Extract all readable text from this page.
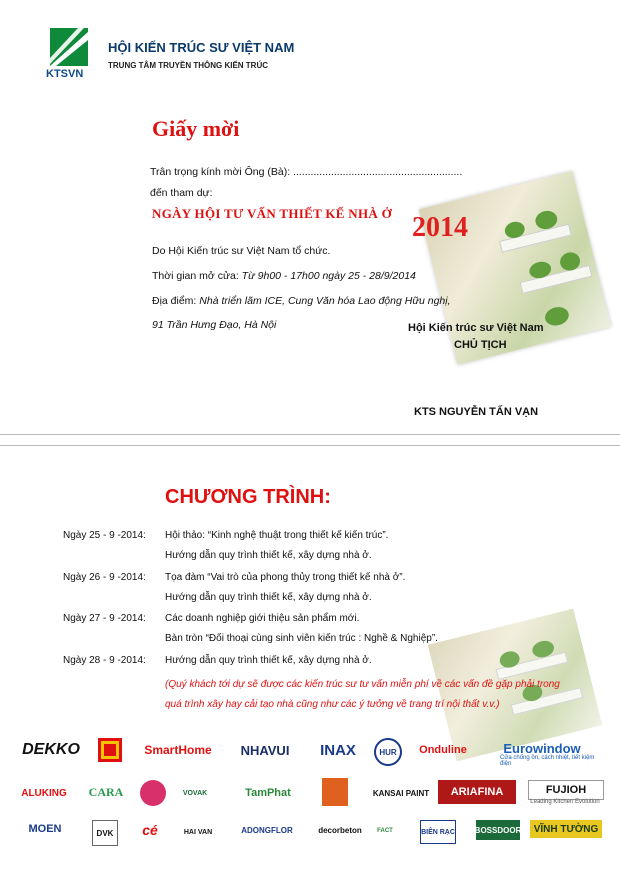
KTSVN
HỘI KIẾN TRÚC SƯ VIỆT NAM
TRUNG TÂM TRUYỀN THÔNG KIẾN TRÚC
Giấy mời
Trân trọng kính mời Ông (Bà): ..........................................................
đến tham dự:
NGÀY HỘI TƯ VẤN THIẾT KẾ NHÀ Ở 2014
Do Hội Kiến trúc sư Việt Nam tổ chức.
Thời gian mở cửa: Từ 9h00 - 17h00 ngày 25 - 28/9/2014
Địa điểm: Nhà triển lãm ICE, Cung Văn hóa Lao động Hữu nghị,
91 Trần Hưng Đạo, Hà Nội	Hội Kiến trúc sư Việt Nam
CHỦ TỊCH
KTS NGUYỄN TẤN VẠN
CHƯƠNG TRÌNH:
Ngày 25 - 9 -2014: Hội thảo: “Kinh nghệ thuật trong thiết kế kiến trúc”.
Hướng dẫn quy trình thiết kế, xây dựng nhà ở.
Ngày 26 - 9 -2014: Tọa đàm “Vai trò của phong thủy trong thiết kế nhà ở”.
Hướng dẫn quy trình thiết kế, xây dựng nhà ở.
Ngày 27 - 9 -2014: Các doanh nghiệp giới thiệu sản phẩm mới.
Bàn tròn “Đối thoại cùng sinh viên kiến trúc : Nghề & Nghiệp”.
Ngày 28 - 9 -2014: Hướng dẫn quy trình thiết kế, xây dựng nhà ở.
(Quý khách tới dự sẽ được các kiến trúc sư tư vấn miễn phí về các vấn đề gặp phải trong
quá trình xây hay cải tạo nhà cũng như các ý tưởng về trang trí nội thất v.v.)
DEKKO	SmartHome	NHAVUI	INAX	HUR	Onduline	Eurowindow
Cửa chống ồn, cách nhiệt, tiết kiệm điện
ALUKING	CARA	VOVAK	TamPhat	KANSAI PAINT	ARIAFINA	FUJIOH
Leading Kitchen Evolution
MOEN	DVK	cé	HAI VAN	ADONGFLOR	decorbeton	FACT	BIÊN RẠC BOSSDOOR	VĨNH TƯỜNG
